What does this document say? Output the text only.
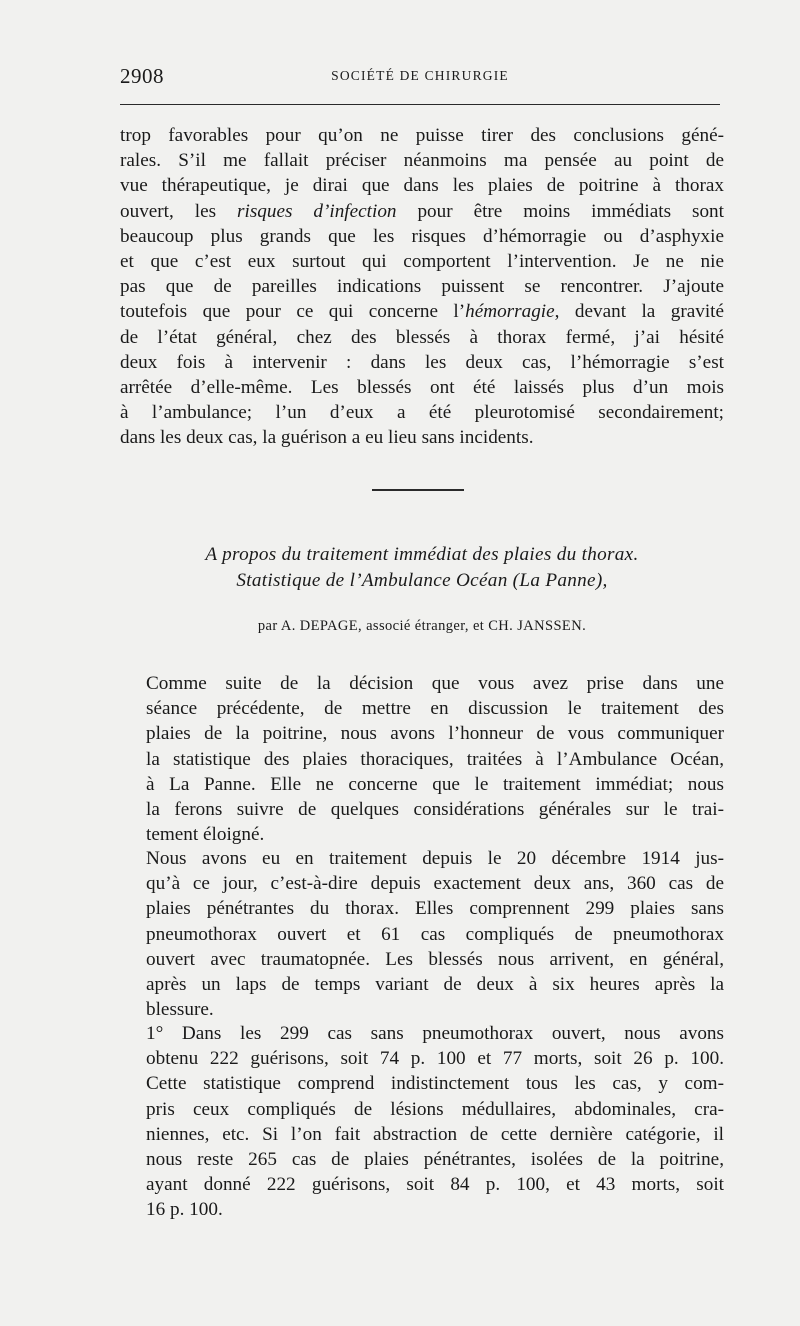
2908	SOCIÉTÉ DE CHIRURGIE
trop favorables pour qu’on ne puisse tirer des conclusions géné-
rales. S’il me fallait préciser néanmoins ma pensée au point de
vue thérapeutique, je dirai que dans les plaies de poitrine à thorax
ouvert, les risques d’infection pour être moins immédiats sont
beaucoup plus grands que les risques d’hémorragie ou d’asphyxie
et que c’est eux surtout qui comportent l’intervention. Je ne nie
pas que de pareilles indications puissent se rencontrer. J’ajoute
toutefois que pour ce qui concerne l’hémorragie, devant la gravité
de l’état général, chez des blessés à thorax fermé, j’ai hésité
deux fois à intervenir : dans les deux cas, l’hémorragie s’est
arrêtée d’elle-même. Les blessés ont été laissés plus d’un mois
à l’ambulance; l’un d’eux a été pleurotomisé secondairement;
dans les deux cas, la guérison a eu lieu sans incidents.
A propos du traitement immédiat des plaies du thorax.
Statistique de l’Ambulance Océan (La Panne),
par A. DEPAGE, associé étranger, et CH. JANSSEN.
Comme suite de la décision que vous avez prise dans une
séance précédente, de mettre en discussion le traitement des
plaies de la poitrine, nous avons l’honneur de vous communiquer
la statistique des plaies thoraciques, traitées à l’Ambulance Océan,
à La Panne. Elle ne concerne que le traitement immédiat; nous
la ferons suivre de quelques considérations générales sur le trai-
tement éloigné.
Nous avons eu en traitement depuis le 20 décembre 1914 jus-
qu’à ce jour, c’est-à-dire depuis exactement deux ans, 360 cas de
plaies pénétrantes du thorax. Elles comprennent 299 plaies sans
pneumothorax ouvert et 61 cas compliqués de pneumothorax
ouvert avec traumatopnée. Les blessés nous arrivent, en général,
après un laps de temps variant de deux à six heures après la
blessure.
1° Dans les 299 cas sans pneumothorax ouvert, nous avons
obtenu 222 guérisons, soit 74 p. 100 et 77 morts, soit 26 p. 100.
Cette statistique comprend indistinctement tous les cas, y com-
pris ceux compliqués de lésions médullaires, abdominales, cra-
niennes, etc. Si l’on fait abstraction de cette dernière catégorie, il
nous reste 265 cas de plaies pénétrantes, isolées de la poitrine,
ayant donné 222 guérisons, soit 84 p. 100, et 43 morts, soit
16 p. 100.
